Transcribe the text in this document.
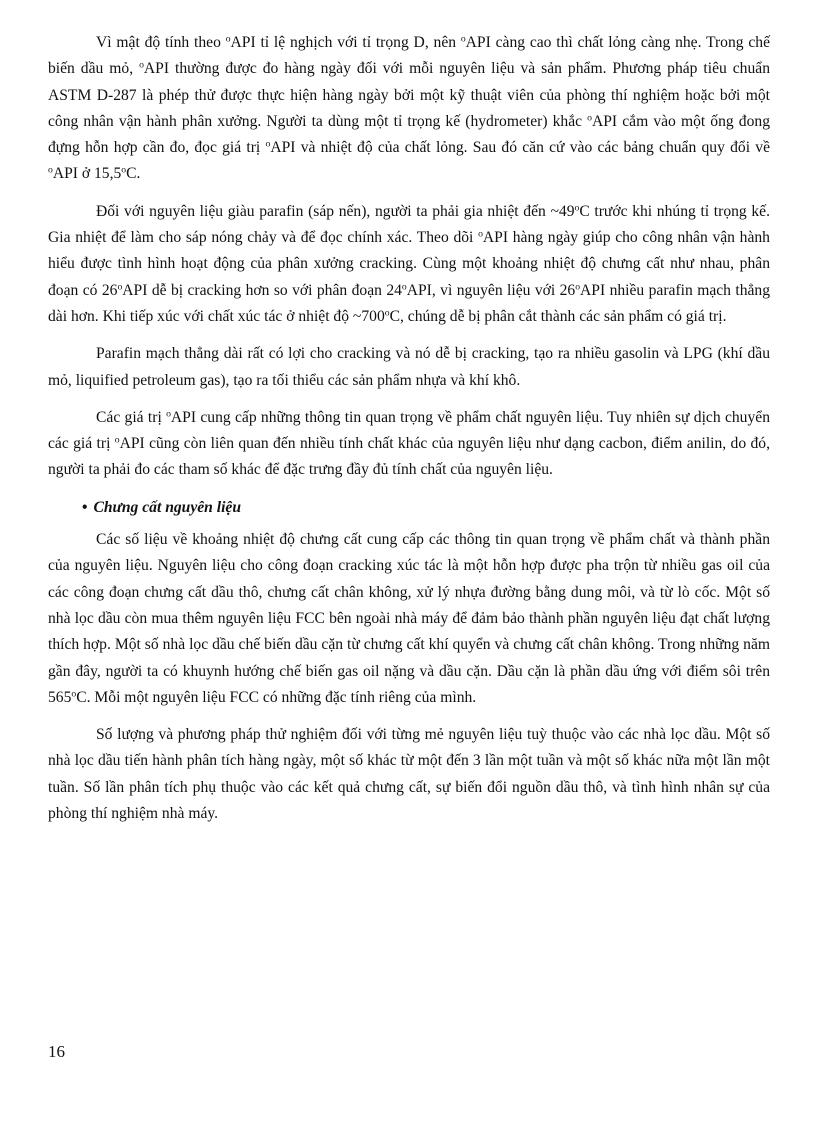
Vì mật độ tính theo $^o$API tỉ lệ nghịch với tỉ trọng D, nên $^o$API càng cao thì chất lỏng càng nhẹ. Trong chế biến dầu mỏ, $^o$API thường được đo hàng ngày đối với mỗi nguyên liệu và sản phẩm. Phương pháp tiêu chuẩn ASTM D-287 là phép thử được thực hiện hàng ngày bởi một kỹ thuật viên của phòng thí nghiệm hoặc bởi một công nhân vận hành phân xưởng. Người ta dùng một tỉ trọng kế (hydrometer) khắc $^o$API cắm vào một ống đong đựng hỗn hợp cần đo, đọc giá trị $^o$API và nhiệt độ của chất lỏng. Sau đó căn cứ vào các bảng chuẩn quy đổi về $^o$API ở 15,5$^o$C.

Đối với nguyên liệu giàu parafin (sáp nến), người ta phải gia nhiệt đến ~49$^o$C trước khi nhúng tỉ trọng kế. Gia nhiệt để làm cho sáp nóng chảy và để đọc chính xác. Theo dõi $^o$API hàng ngày giúp cho công nhân vận hành hiểu được tình hình hoạt động của phân xưởng cracking. Cùng một khoảng nhiệt độ chưng cất như nhau, phân đoạn có 26$^o$API dễ bị cracking hơn so với phân đoạn 24$^o$API, vì nguyên liệu với 26$^o$API nhiều parafin mạch thẳng dài hơn. Khi tiếp xúc với chất xúc tác ở nhiệt độ ~700$^o$C, chúng dễ bị phân cắt thành các sản phẩm có giá trị.

Parafin mạch thẳng dài rất có lợi cho cracking và nó dễ bị cracking, tạo ra nhiều gasolin và LPG (khí dầu mỏ, liquified petroleum gas), tạo ra tối thiểu các sản phẩm nhựa và khí khô.

Các giá trị $^o$API cung cấp những thông tin quan trọng về phẩm chất nguyên liệu. Tuy nhiên sự dịch chuyển các giá trị $^o$API cũng còn liên quan đến nhiều tính chất khác của nguyên liệu như dạng cacbon, điểm anilin, do đó, người ta phải đo các tham số khác để đặc trưng đầy đủ tính chất của nguyên liệu.

• Chưng cất nguyên liệu

Các số liệu về khoảng nhiệt độ chưng cất cung cấp các thông tin quan trọng về phẩm chất và thành phần của nguyên liệu. Nguyên liệu cho công đoạn cracking xúc tác là một hỗn hợp được pha trộn từ nhiều gas oil của các công đoạn chưng cất dầu thô, chưng cất chân không, xử lý nhựa đường bằng dung môi, và từ lò cốc. Một số nhà lọc dầu còn mua thêm nguyên liệu FCC bên ngoài nhà máy để đảm bảo thành phần nguyên liệu đạt chất lượng thích hợp. Một số nhà lọc dầu chế biến dầu cặn từ chưng cất khí quyển và chưng cất chân không. Trong những năm gần đây, người ta có khuynh hướng chế biến gas oil nặng và dầu cặn. Dầu cặn là phần dầu ứng với điểm sôi trên 565$^o$C. Mỗi một nguyên liệu FCC có những đặc tính riêng của mình.

Số lượng và phương pháp thử nghiệm đối với từng mẻ nguyên liệu tuỳ thuộc vào các nhà lọc dầu. Một số nhà lọc dầu tiến hành phân tích hàng ngày, một số khác từ một đến 3 lần một tuần và một số khác nữa một lần một tuần. Số lần phân tích phụ thuộc vào các kết quả chưng cất, sự biến đổi nguồn dầu thô, và tình hình nhân sự của phòng thí nghiệm nhà máy.

16
